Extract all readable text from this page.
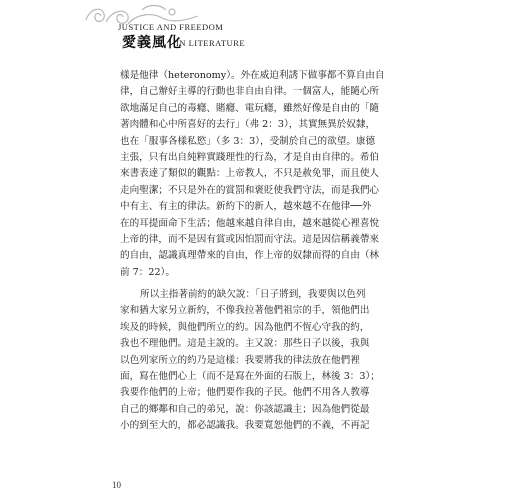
JUSTICE AND FREEDOM
愛義風化
IN LITERATURE

樣是他律（heteronomy）。外在威迫利誘下做事都不算自由自
律，自己辦好主導的行動也非自由自律。一個富人，能隨心所
欲地滿足自己的毒癮、賭癮、電玩癮，雖然好像是自由的「隨
著肉體和心中所喜好的去行」（弗 2：3），其實無異於奴隸，
也在「服事各樣私慾」（多 3：3），受制於自己的欲望。康德
主張，只有出自純粹實踐理性的行為，才是自由自律的。希伯
來書表達了類似的觀點：上帝教人，不只是赦免罪，而且使人
走向聖潔；不只是外在的賞罰和褒貶使我們守法，而是我們心
中有主、有主的律法。新約下的新人，越來越不在他律──外
在的耳提面命下生活；他越來越自律自由，越來越從心裡喜悅
上帝的律，而不是因有賞或因怕罰而守法。這是因信稱義帶來
的自由，認識真理帶來的自由，作上帝的奴隸而得的自由（林
前 7：22）。

所以主指著前約的缺欠說：「日子將到，我要與以色列
家和猶大家另立新約，不像我拉著他們祖宗的手，領他們出
埃及的時候，與他們所立的約。因為他們不恆心守我的約，
我也不理他們。這是主說的。主又說：那些日子以後，我與
以色列家所立的約乃是這樣：我要將我的律法放在他們裡
面，寫在他們心上（而不是寫在外面的石版上，林後 3：3）；
我要作他們的上帝；他們要作我的子民。他們不用各人教導
自己的鄉鄰和自己的弟兄，說：你該認識主；因為他們從最
小的到至大的，都必認識我。我要寬恕他們的不義，不再記

10
